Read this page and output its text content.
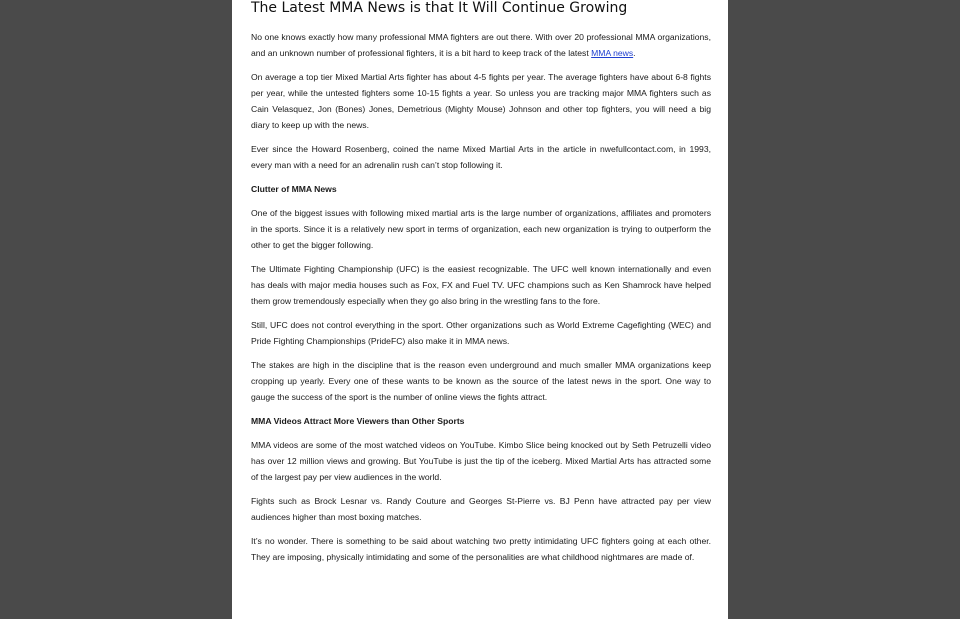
The Latest MMA News is that It Will Continue Growing

No one knows exactly how many professional MMA fighters are out there. With over 20 professional MMA organizations, and an unknown number of professional fighters, it is a bit hard to keep track of the latest MMA news.

On average a top tier Mixed Martial Arts fighter has about 4-5 fights per year. The average fighters have about 6-8 fights per year, while the untested fighters some 10-15 fights a year. So unless you are tracking major MMA fighters such as Cain Velasquez, Jon (Bones) Jones, Demetrious (Mighty Mouse) Johnson and other top fighters, you will need a big diary to keep up with the news.

Ever since the Howard Rosenberg, coined the name Mixed Martial Arts in the article in nwefullcontact.com, in 1993, every man with a need for an adrenalin rush can’t stop following it.

Clutter of MMA News

One of the biggest issues with following mixed martial arts is the large number of organizations, affiliates and promoters in the sports. Since it is a relatively new sport in terms of organization, each new organization is trying to outperform the other to get the bigger following.

The Ultimate Fighting Championship (UFC) is the easiest recognizable. The UFC well known internationally and even has deals with major media houses such as Fox, FX and Fuel TV. UFC champions such as Ken Shamrock have helped them grow tremendously especially when they go also bring in the wrestling fans to the fore.

Still, UFC does not control everything in the sport. Other organizations such as World Extreme Cagefighting (WEC) and Pride Fighting Championships (PrideFC) also make it in MMA news.

The stakes are high in the discipline that is the reason even underground and much smaller MMA organizations keep cropping up yearly. Every one of these wants to be known as the source of the latest news in the sport. One way to gauge the success of the sport is the number of online views the fights attract.

MMA Videos Attract More Viewers than Other Sports

MMA videos are some of the most watched videos on YouTube. Kimbo Slice being knocked out by Seth Petruzelli video has over 12 million views and growing. But YouTube is just the tip of the iceberg. Mixed Martial Arts has attracted some of the largest pay per view audiences in the world.

Fights such as Brock Lesnar vs. Randy Couture and Georges St-Pierre vs. BJ Penn have attracted pay per view audiences higher than most boxing matches.

It’s no wonder. There is something to be said about watching two pretty intimidating UFC fighters going at each other. They are imposing, physically intimidating and some of the personalities are what childhood nightmares are made of.
